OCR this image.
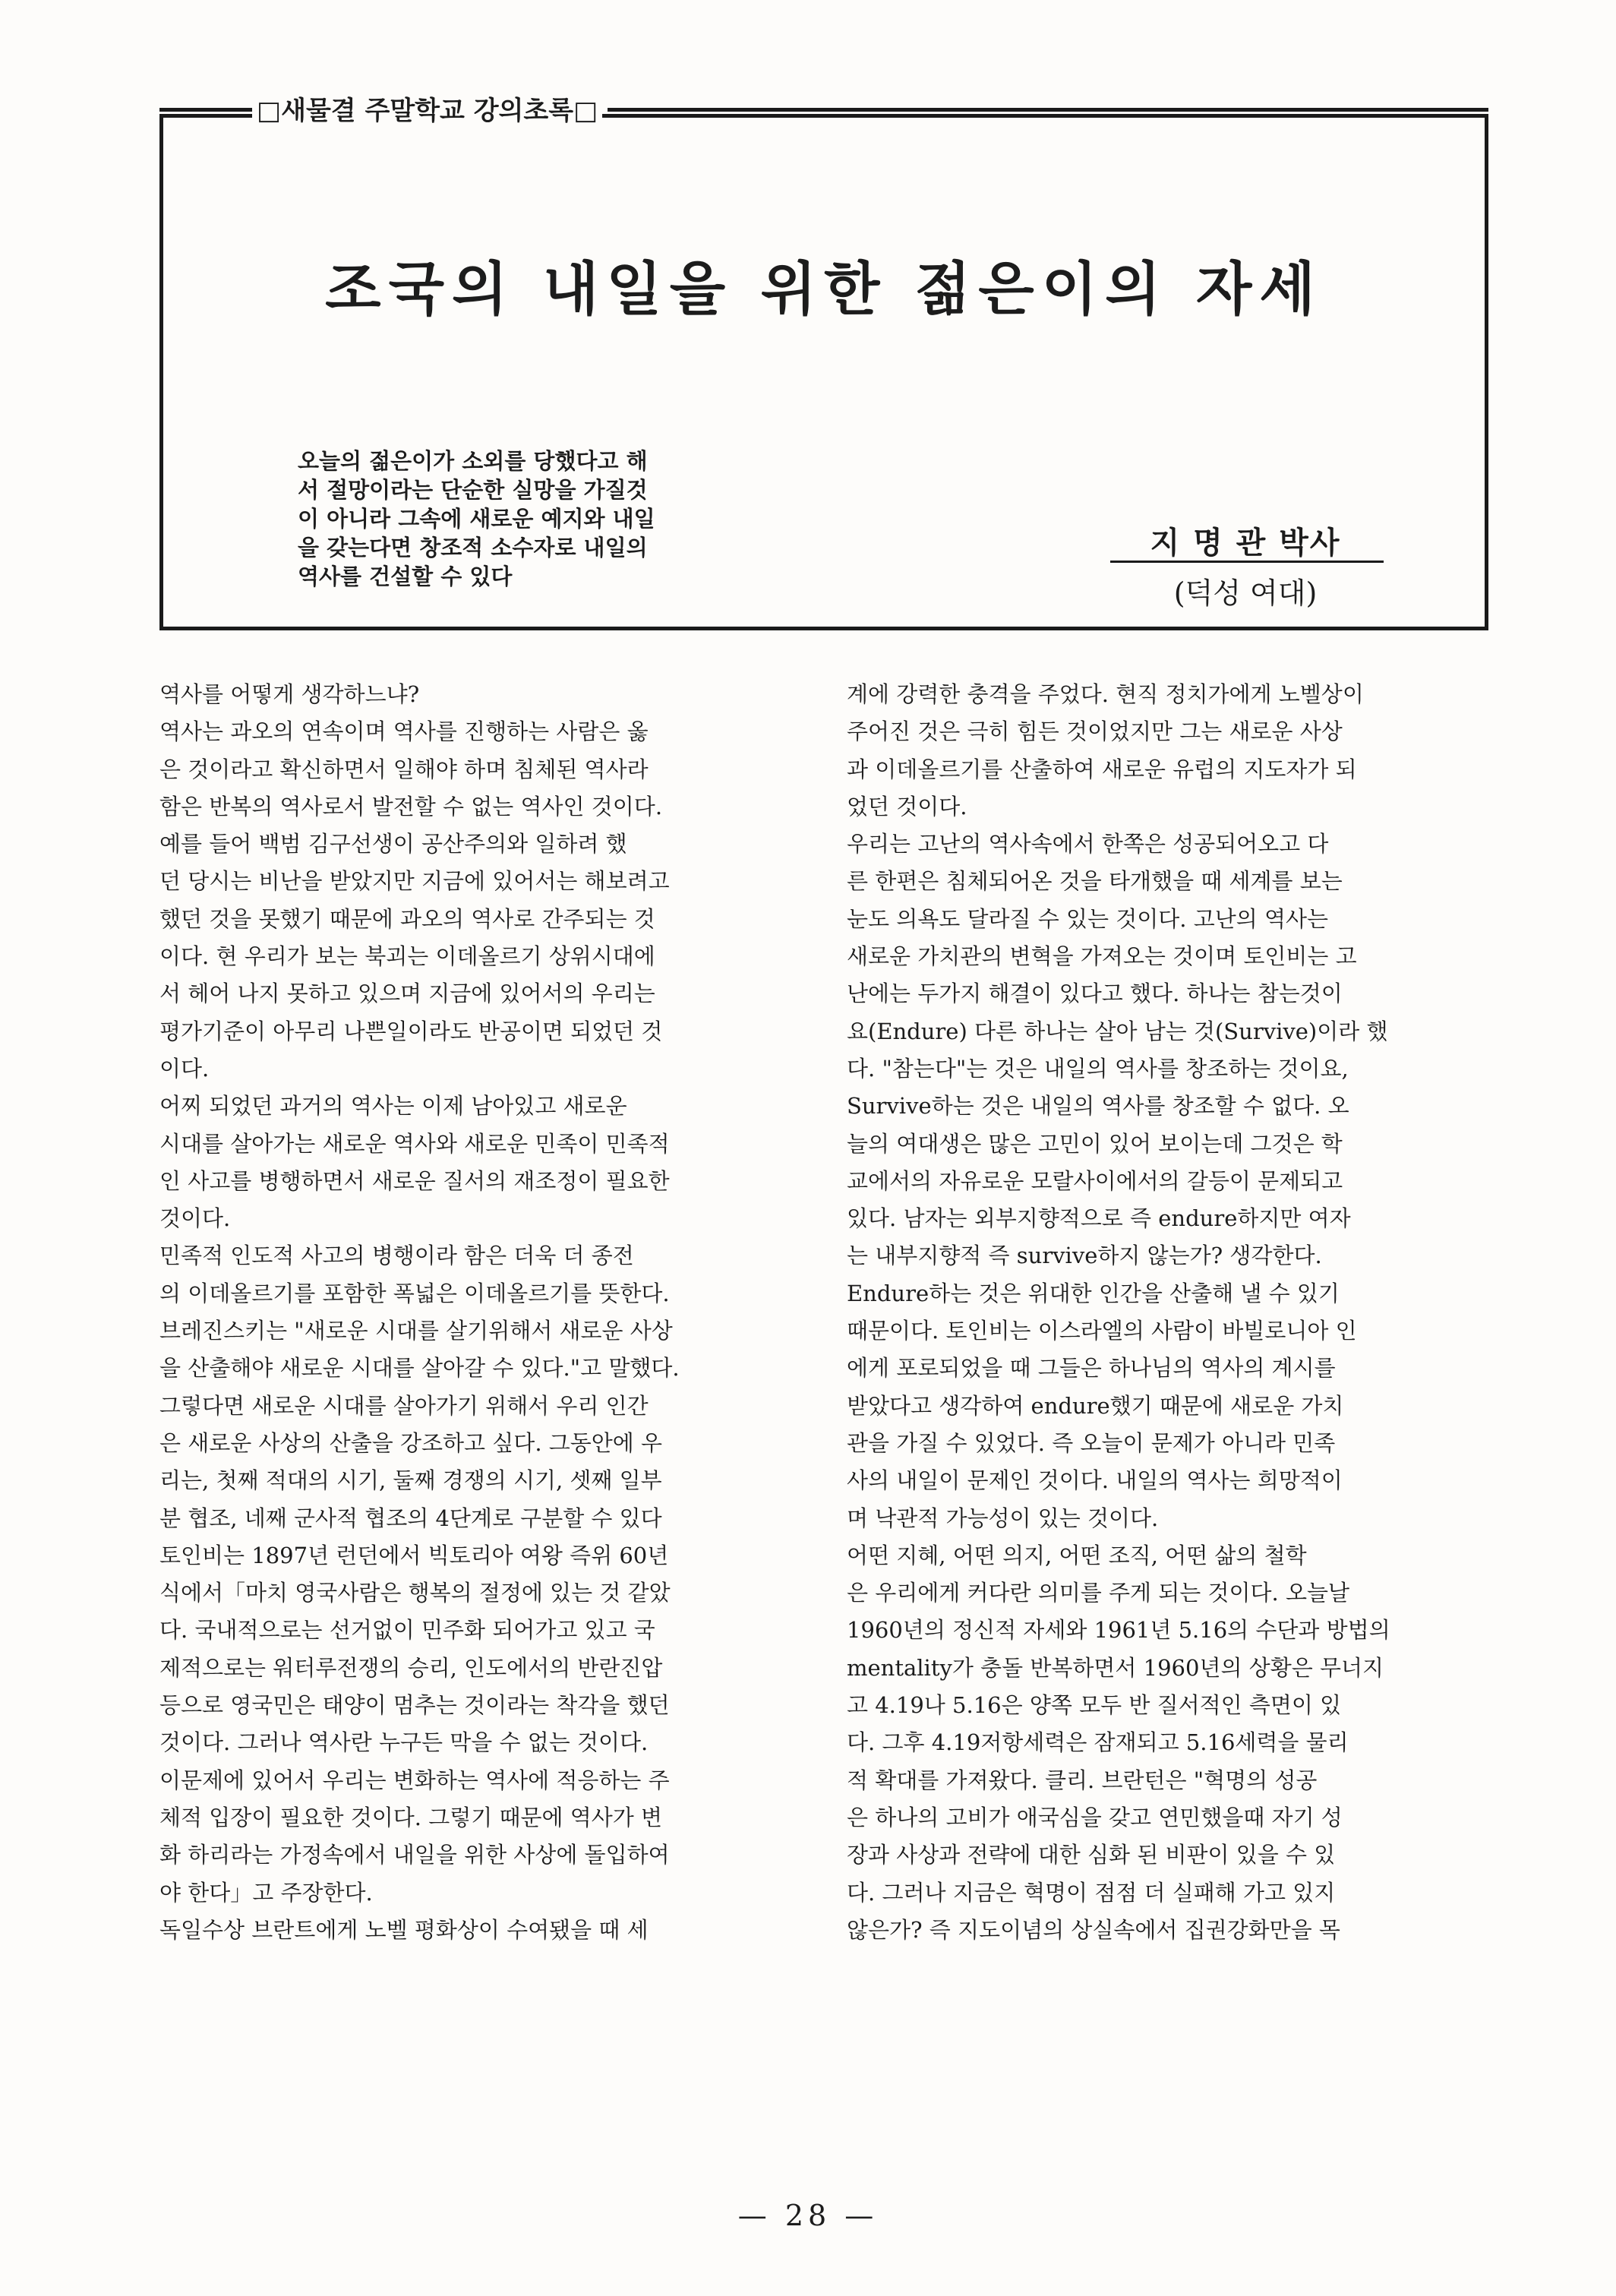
□새물결 주말학교 강의초록□
조국의 내일을 위한 젊은이의 자세
오늘의 젊은이가 소외를 당했다고 해
서 절망이라는 단순한 실망을 가질것
이 아니라 그속에 새로운 예지와 내일
을 갖는다면 창조적 소수자로 내일의
역사를 건설할 수 있다
지 명 관 박사
(덕성 여대)
역사를 어떻게 생각하느냐?
역사는 과오의 연속이며 역사를 진행하는 사람은 옳
은 것이라고 확신하면서 일해야 하며 침체된 역사라
함은 반복의 역사로서 발전할 수 없는 역사인 것이다.
예를 들어 백범 김구선생이 공산주의와 일하려 했
던 당시는 비난을 받았지만 지금에 있어서는 해보려고
했던 것을 못했기 때문에 과오의 역사로 간주되는 것
이다. 현 우리가 보는 북괴는 이데올르기 상위시대에
서 헤어 나지 못하고 있으며 지금에 있어서의 우리는
평가기준이 아무리 나쁜일이라도 반공이면 되었던 것
이다.
어찌 되었던 과거의 역사는 이제 남아있고 새로운
시대를 살아가는 새로운 역사와 새로운 민족이 민족적
인 사고를 병행하면서 새로운 질서의 재조정이 필요한
것이다.
민족적 인도적 사고의 병행이라 함은 더욱 더 종전
의 이데올르기를 포함한 폭넓은 이데올르기를 뜻한다.
브레진스키는 "새로운 시대를 살기위해서 새로운 사상
을 산출해야 새로운 시대를 살아갈 수 있다."고 말했다.
그렇다면 새로운 시대를 살아가기 위해서 우리 인간
은 새로운 사상의 산출을 강조하고 싶다. 그동안에 우
리는, 첫째 적대의 시기, 둘째 경쟁의 시기, 셋째 일부
분 협조, 네째 군사적 협조의 4단계로 구분할 수 있다
토인비는 1897년 런던에서 빅토리아 여왕 즉위 60년
식에서「마치 영국사람은 행복의 절정에 있는 것 같았
다. 국내적으로는 선거없이 민주화 되어가고 있고 국
제적으로는 워터루전쟁의 승리, 인도에서의 반란진압
등으로 영국민은 태양이 멈추는 것이라는 착각을 했던
것이다. 그러나 역사란 누구든 막을 수 없는 것이다.
이문제에 있어서 우리는 변화하는 역사에 적응하는 주
체적 입장이 필요한 것이다. 그렇기 때문에 역사가 변
화 하리라는 가정속에서 내일을 위한 사상에 돌입하여
야 한다」고 주장한다.
독일수상 브란트에게 노벨 평화상이 수여됐을 때 세
계에 강력한 충격을 주었다. 현직 정치가에게 노벨상이
주어진 것은 극히 힘든 것이었지만 그는 새로운 사상
과 이데올르기를 산출하여 새로운 유럽의 지도자가 되
었던 것이다.
우리는 고난의 역사속에서 한쪽은 성공되어오고 다
른 한편은 침체되어온 것을 타개했을 때 세계를 보는
눈도 의욕도 달라질 수 있는 것이다. 고난의 역사는
새로운 가치관의 변혁을 가져오는 것이며 토인비는 고
난에는 두가지 해결이 있다고 했다. 하나는 참는것이
요(Endure) 다른 하나는 살아 남는 것(Survive)이라 했
다. "참는다"는 것은 내일의 역사를 창조하는 것이요,
Survive하는 것은 내일의 역사를 창조할 수 없다. 오
늘의 여대생은 많은 고민이 있어 보이는데 그것은 학
교에서의 자유로운 모랄사이에서의 갈등이 문제되고
있다. 남자는 외부지향적으로 즉 endure하지만 여자
는 내부지향적 즉 survive하지 않는가? 생각한다.
Endure하는 것은 위대한 인간을 산출해 낼 수 있기
때문이다. 토인비는 이스라엘의 사람이 바빌로니아 인
에게 포로되었을 때 그들은 하나님의 역사의 계시를
받았다고 생각하여 endure했기 때문에 새로운 가치
관을 가질 수 있었다. 즉 오늘이 문제가 아니라 민족
사의 내일이 문제인 것이다. 내일의 역사는 희망적이
며 낙관적 가능성이 있는 것이다.
어떤 지혜, 어떤 의지, 어떤 조직, 어떤 삶의 철학
은 우리에게 커다란 의미를 주게 되는 것이다. 오늘날
1960년의 정신적 자세와 1961년 5.16의 수단과 방법의
mentality가 충돌 반복하면서 1960년의 상황은 무너지
고 4.19나 5.16은 양쪽 모두 반 질서적인 측면이 있
다. 그후 4.19저항세력은 잠재되고 5.16세력을 물리
적 확대를 가져왔다. 클리. 브란턴은 "혁명의 성공
은 하나의 고비가 애국심을 갖고 연민했을때 자기 성
장과 사상과 전략에 대한 심화 된 비판이 있을 수 있
다. 그러나 지금은 혁명이 점점 더 실패해 가고 있지
않은가? 즉 지도이념의 상실속에서 집권강화만을 목
— 28 —
